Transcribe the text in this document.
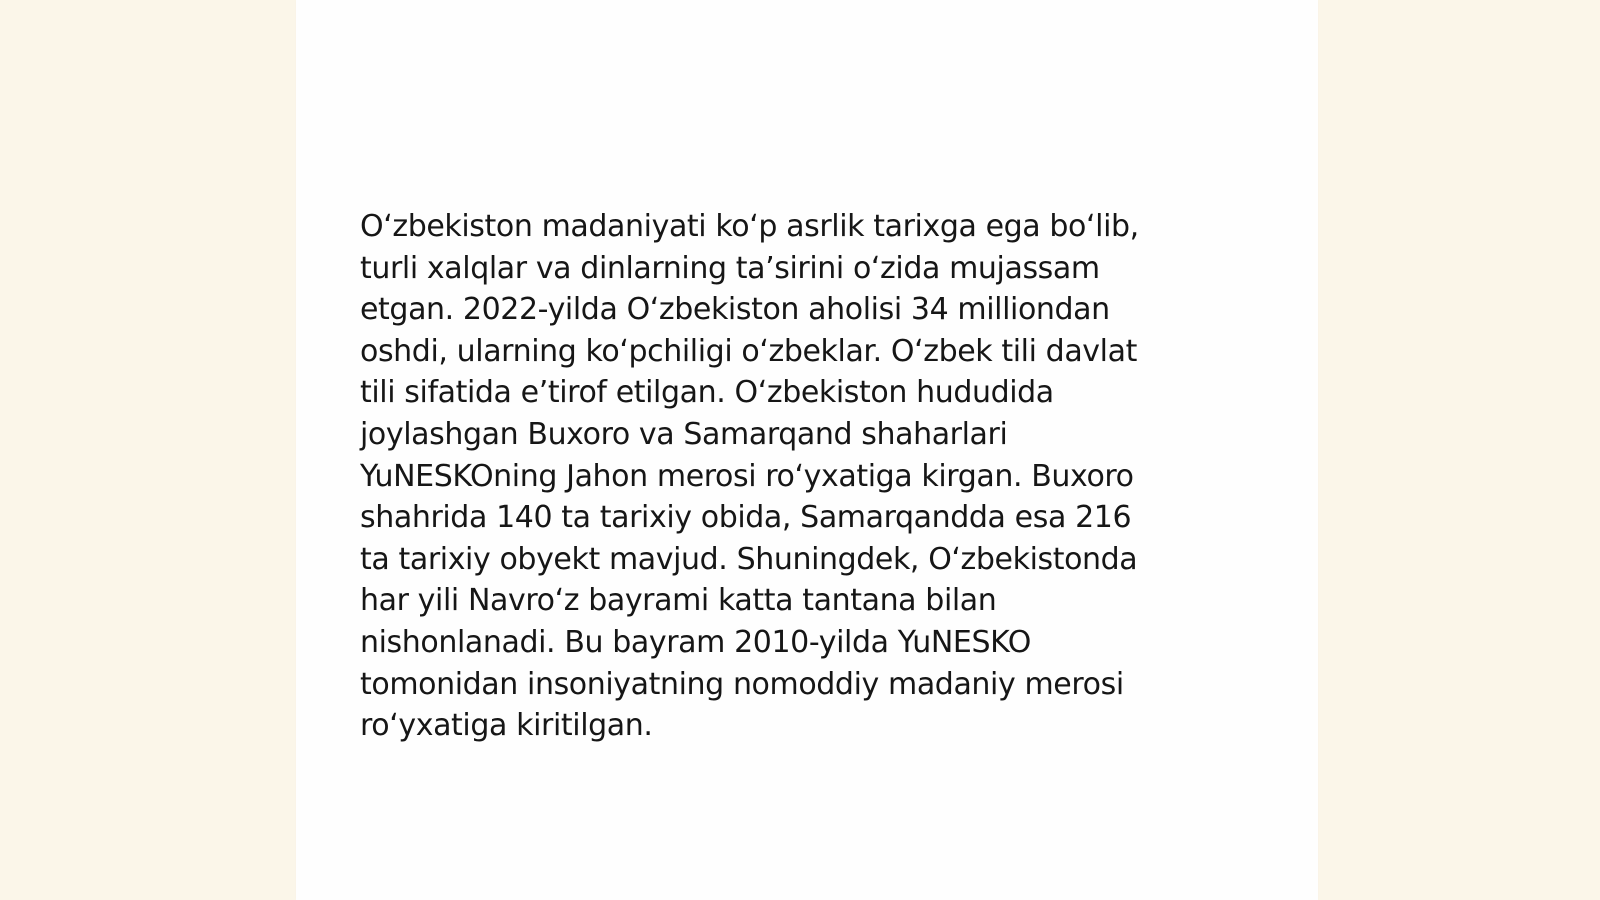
O‘zbekiston madaniyati ko‘p asrlik tarixga ega bo‘lib,
turli xalqlar va dinlarning ta’sirini o‘zida mujassam
etgan. 2022-yilda O‘zbekiston aholisi 34 milliondan
oshdi, ularning ko‘pchiligi o‘zbeklar. O‘zbek tili davlat
tili sifatida e’tirof etilgan. O‘zbekiston hududida
joylashgan Buxoro va Samarqand shaharlari
YuNESKOning Jahon merosi ro‘yxatiga kirgan. Buxoro
shahrida 140 ta tarixiy obida, Samarqandda esa 216
ta tarixiy obyekt mavjud. Shuningdek, O‘zbekistonda
har yili Navro‘z bayrami katta tantana bilan
nishonlanadi. Bu bayram 2010-yilda YuNESKO
tomonidan insoniyatning nomoddiy madaniy merosi
ro‘yxatiga kiritilgan.
